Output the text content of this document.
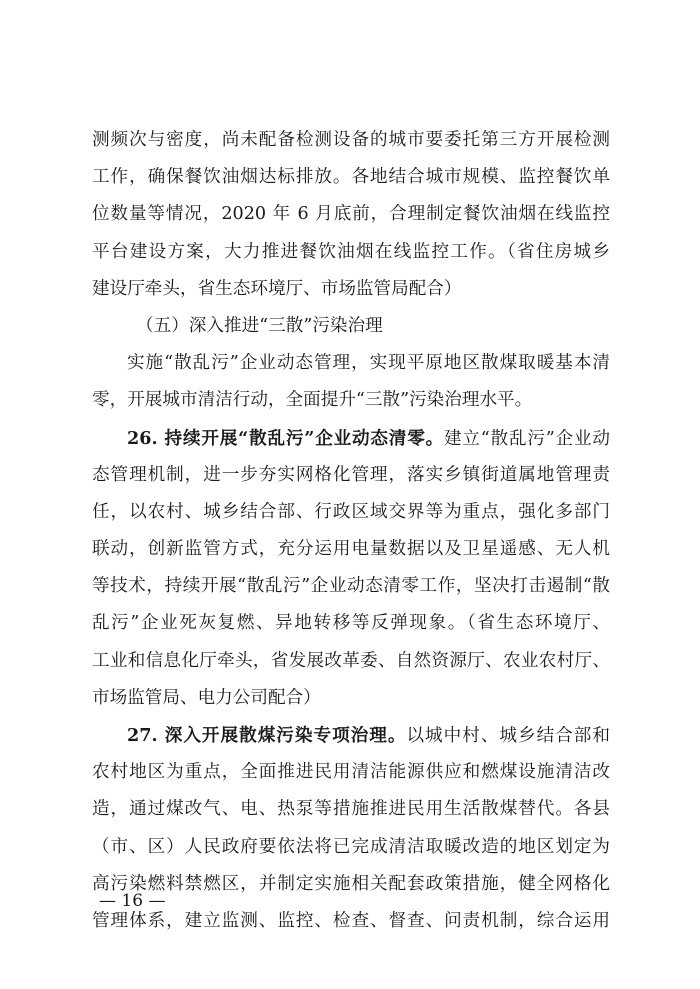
测频次与密度，尚未配备检测设备的城市要委托第三方开展检测
工作，确保餐饮油烟达标排放。各地结合城市规模、监控餐饮单
位数量等情况，2020 年 6 月底前，合理制定餐饮油烟在线监控
平台建设方案，大力推进餐饮油烟在线监控工作。（省住房城乡
建设厅牵头，省生态环境厅、市场监管局配合）
（五）深入推进“三散”污染治理
实施“散乱污”企业动态管理，实现平原地区散煤取暖基本清
零，开展城市清洁行动，全面提升“三散”污染治理水平。
26. 持续开展“散乱污”企业动态清零。建立“散乱污”企业动
态管理机制，进一步夯实网格化管理，落实乡镇街道属地管理责
任，以农村、城乡结合部、行政区域交界等为重点，强化多部门
联动，创新监管方式，充分运用电量数据以及卫星遥感、无人机
等技术，持续开展“散乱污”企业动态清零工作，坚决打击遏制“散
乱污”企业死灰复燃、异地转移等反弹现象。（省生态环境厅、
工业和信息化厅牵头，省发展改革委、自然资源厅、农业农村厅、
市场监管局、电力公司配合）
27. 深入开展散煤污染专项治理。以城中村、城乡结合部和
农村地区为重点，全面推进民用清洁能源供应和燃煤设施清洁改
造，通过煤改气、电、热泵等措施推进民用生活散煤替代。各县
（市、区）人民政府要依法将已完成清洁取暖改造的地区划定为
高污染燃料禁燃区，并制定实施相关配套政策措施，健全网格化
管理体系，建立监测、监控、检查、督查、问责机制，综合运用
— 16 —
